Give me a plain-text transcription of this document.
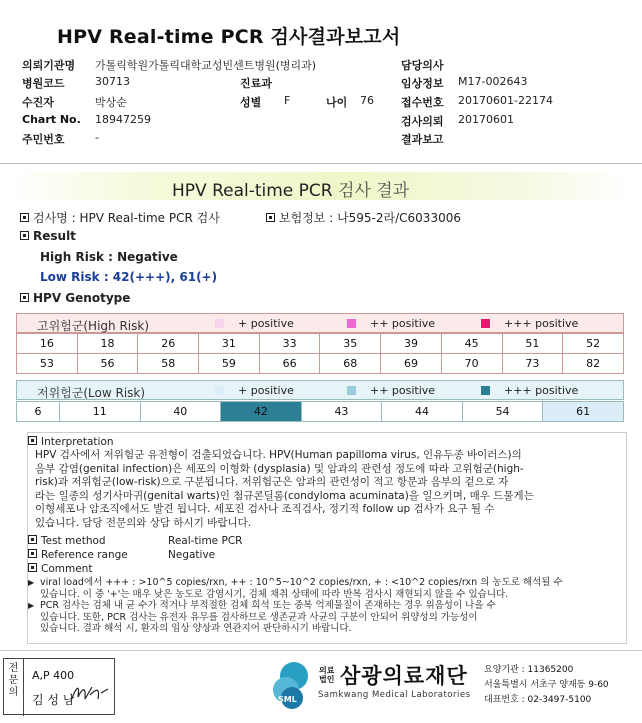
HPV Real-time PCR 검사결과보고서
의뢰기관명 가톨릭학원가톨릭대학교성빈센트병원(병리과)	담당의사
병원코드	30713	진료과	임상정보 M17-002643
수진자	박상순	성별 F	나이 76 접수번호 20170601-22174
Chart No. 18947259	검사의뢰 20170601
주민번호	-	결과보고
HPV Real-time PCR 검사 결과
검사명 : HPV Real-time PCR 검사	보험정보 : 나595-2라/C6033006
Result
High Risk : Negative
Low Risk : 42(+++), 61(+)
HPV Genotype
고위험군(High Risk)	+ positive	++ positive	+++ positive
16	18	26	31	33	35	39	45	51	52
53	56	58	59	66	68	69	70	73	82
저위험군(Low Risk)	+ positive	++ positive	+++ positive
6	11	40	42	43	44	54	61
Interpretation
HPV 검사에서 저위험군 유전형이 검출되었습니다. HPV(Human papilloma virus, 인유두종 바이러스)의
음부 감염(genital infection)은 세포의 이형화 (dysplasia) 및 암과의 관련성 정도에 따라 고위험군(high-
risk)과 저위험군(low-risk)으로 구분됩니다. 저위험군은 암과의 관련성이 적고 항문과 음부의 겉으로 자
라는 일종의 성기사마귀(genital warts)인 첨규콘딜롬(condyloma acuminata)을 일으키며, 매우 드물게는
이형세포나 암조직에서도 발견 됩니다. 세포진 검사나 조직검사, 정기적 follow up 검사가 요구 될 수
있습니다. 담당 전문의와 상담 하시기 바랍니다.
Test method	Real-time PCR
Reference range	Negative
Comment
▶ viral load에서 +++ : >10^5 copies/rxn, ++ : 10^5~10^2 copies/rxn, + : <10^2 copies/rxn 의 농도로 해석될 수
있습니다. 이 중 '+'는 매우 낮은 농도로 감염시기, 검체 채취 상태에 따라 반복 검사시 재현되지 않을 수 있습니다.
▶ PCR 검사는 검체 내 균 수가 적거나 부적절한 검체 희석 또는 중복 억제물질이 존재하는 경우 위음성이 나올 수
있습니다. 또한, PCR 검사는 유전자 유무를 검사하므로 생존균과 사균의 구분이 안되어 위양성의 가능성이
있습니다. 결과 해석 시, 환자의 임상 양상과 연관지어 판단하시기 바랍니다.
전문의
A,P 400
김 성 남	SML
의료
법인 삼광의료재단
Samkwang Medical Laboratories
요양기관 : 11365200
서울특별시 서초구 양재동 9-60
대표번호 : 02-3497-5100
